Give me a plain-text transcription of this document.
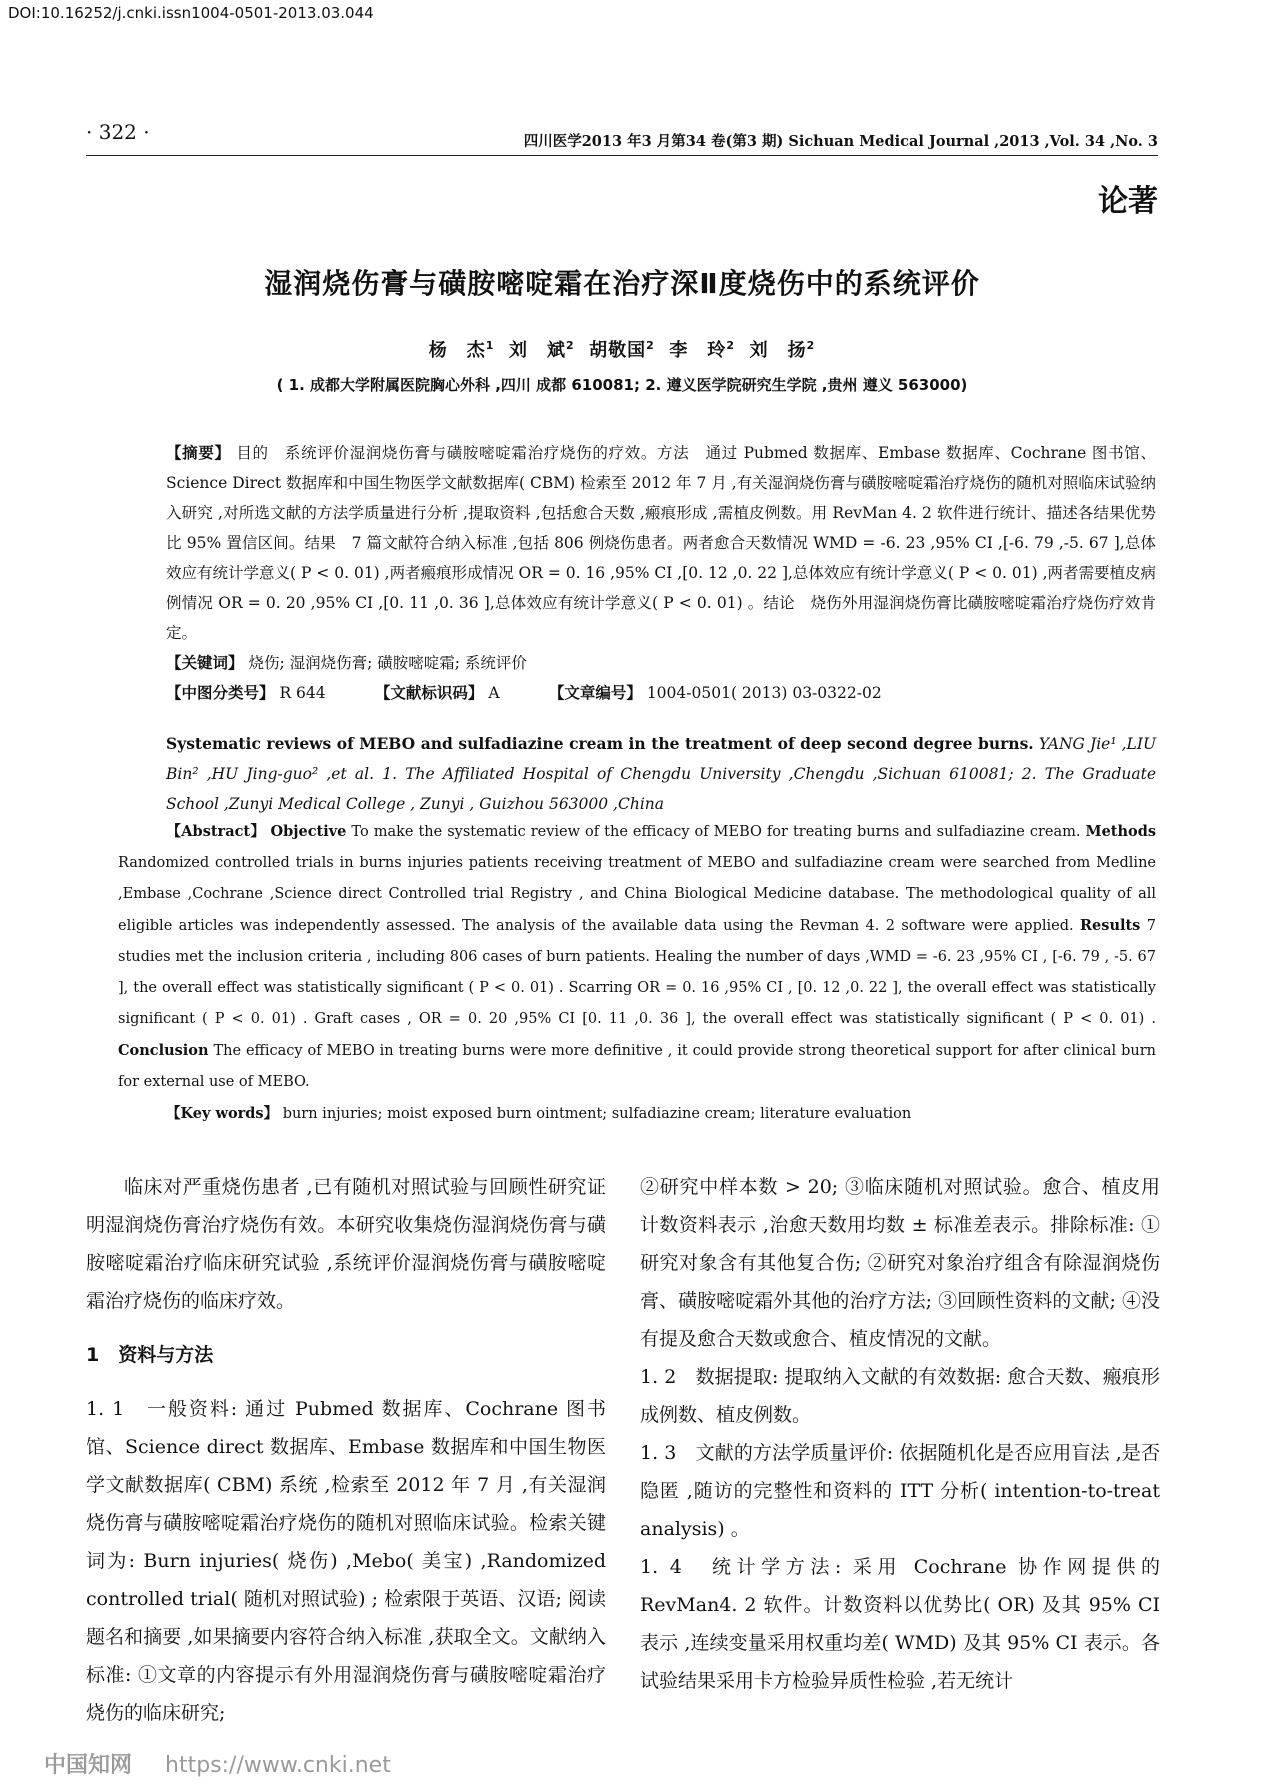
DOI:10.16252/j.cnki.issn1004-0501-2013.03.044
· 322 ·	四川医学2013 年3 月第34 卷(第3 期) Sichuan Medical Journal ,2013 ,Vol. 34 ,No. 3
论著
湿润烧伤膏与磺胺嘧啶霜在治疗深Ⅱ度烧伤中的系统评价
杨　杰$^1$ 刘　斌$^2$ 胡敬国$^2$ 李　玲$^2$ 刘　扬$^2$
( 1. 成都大学附属医院胸心外科 ,四川 成都 610081; 2. 遵义医学院研究生学院 ,贵州 遵义 563000)
【摘要】 目的　系统评价湿润烧伤膏与磺胺嘧啶霜治疗烧伤的疗效。方法　通过 Pubmed 数据库、Embase 数据库、Cochrane 图书馆、Science Direct 数据库和中国生物医学文献数据库( CBM) 检索至 2012 年 7 月 ,有关湿润烧伤膏与磺胺嘧啶霜治疗烧伤的随机对照临床试验纳入研究 ,对所选文献的方法学质量进行分析 ,提取资料 ,包括愈合天数 ,瘢痕形成 ,需植皮例数。用 RevMan 4. 2 软件进行统计、描述各结果优势比 95% 置信区间。结果　7 篇文献符合纳入标准 ,包括 806 例烧伤患者。两者愈合天数情况 WMD = -6. 23 ,95% CI ,[-6. 79 ,-5. 67 ],总体效应有统计学意义( P < 0. 01) ,两者瘢痕形成情况 OR = 0. 16 ,95% CI ,[0. 12 ,0. 22 ],总体效应有统计学意义( P < 0. 01) ,两者需要植皮病例情况 OR = 0. 20 ,95% CI ,[0. 11 ,0. 36 ],总体效应有统计学意义( P < 0. 01) 。结论　烧伤外用湿润烧伤膏比磺胺嘧啶霜治疗烧伤疗效肯定。
【关键词】 烧伤; 湿润烧伤膏; 磺胺嘧啶霜; 系统评价
【中图分类号】 R 644	【文献标识码】 A	【文章编号】 1004-0501( 2013) 03-0322-02
Systematic reviews of MEBO and sulfadiazine cream in the treatment of deep second degree burns. YANG Jie¹ ,LIU Bin² ,HU Jing-guo² ,et al. 1. The Affiliated Hospital of Chengdu University ,Chengdu ,Sichuan 610081; 2. The Graduate School ,Zunyi Medical College , Zunyi , Guizhou 563000 ,China
【Abstract】 Objective To make the systematic review of the efficacy of MEBO for treating burns and sulfadiazine cream. Methods Randomized controlled trials in burns injuries patients receiving treatment of MEBO and sulfadiazine cream were searched from Medline ,Embase ,Cochrane ,Science direct Controlled trial Registry , and China Biological Medicine database. The methodological quality of all eligible articles was independently assessed. The analysis of the available data using the Revman 4. 2 software were applied. Results 7 studies met the inclusion criteria , including 806 cases of burn patients. Healing the number of days ,WMD = -6. 23 ,95% CI , [-6. 79 , -5. 67 ], the overall effect was statistically significant ( P < 0. 01) . Scarring OR = 0. 16 ,95% CI , [0. 12 ,0. 22 ], the overall effect was statistically significant ( P < 0. 01) . Graft cases , OR = 0. 20 ,95% CI [0. 11 ,0. 36 ], the overall effect was statistically significant ( P < 0. 01) . Conclusion The efficacy of MEBO in treating burns were more definitive , it could provide strong theoretical support for after clinical burn for external use of MEBO.
【Key words】 burn injuries; moist exposed burn ointment; sulfadiazine cream; literature evaluation

临床对严重烧伤患者 ,已有随机对照试验与回顾性研究证明湿润烧伤膏治疗烧伤有效。本研究收集烧伤湿润烧伤膏与磺胺嘧啶霜治疗临床研究试验 ,系统评价湿润烧伤膏与磺胺嘧啶霜治疗烧伤的临床疗效。

1　资料与方法

1. 1　一般资料: 通过 Pubmed 数据库、Cochrane 图书馆、Science direct 数据库、Embase 数据库和中国生物医学文献数据库( CBM) 系统 ,检索至 2012 年 7 月 ,有关湿润烧伤膏与磺胺嘧啶霜治疗烧伤的随机对照临床试验。检索关键词为: Burn injuries( 烧伤) ,Mebo( 美宝) ,Randomized controlled trial( 随机对照试验) ; 检索限于英语、汉语; 阅读题名和摘要 ,如果摘要内容符合纳入标准 ,获取全文。文献纳入标准: ①文章的内容提示有外用湿润烧伤膏与磺胺嘧啶霜治疗烧伤的临床研究;

②研究中样本数 > 20; ③临床随机对照试验。愈合、植皮用计数资料表示 ,治愈天数用均数 ± 标准差表示。排除标准: ①研究对象含有其他复合伤; ②研究对象治疗组含有除湿润烧伤膏、磺胺嘧啶霜外其他的治疗方法; ③回顾性资料的文献; ④没有提及愈合天数或愈合、植皮情况的文献。

1. 2　数据提取: 提取纳入文献的有效数据: 愈合天数、瘢痕形成例数、植皮例数。

1. 3　文献的方法学质量评价: 依据随机化是否应用盲法 ,是否隐匿 ,随访的完整性和资料的 ITT 分析( intention-to-treat analysis) 。

1. 4　统计学方法: 采用 Cochrane 协作网提供的 RevMan4. 2 软件。计数资料以优势比( OR) 及其 95% CI 表示 ,连续变量采用权重均差( WMD) 及其 95% CI 表示。各试验结果采用卡方检验异质性检验 ,若无统计

中国知网 https://www.cnki.net
